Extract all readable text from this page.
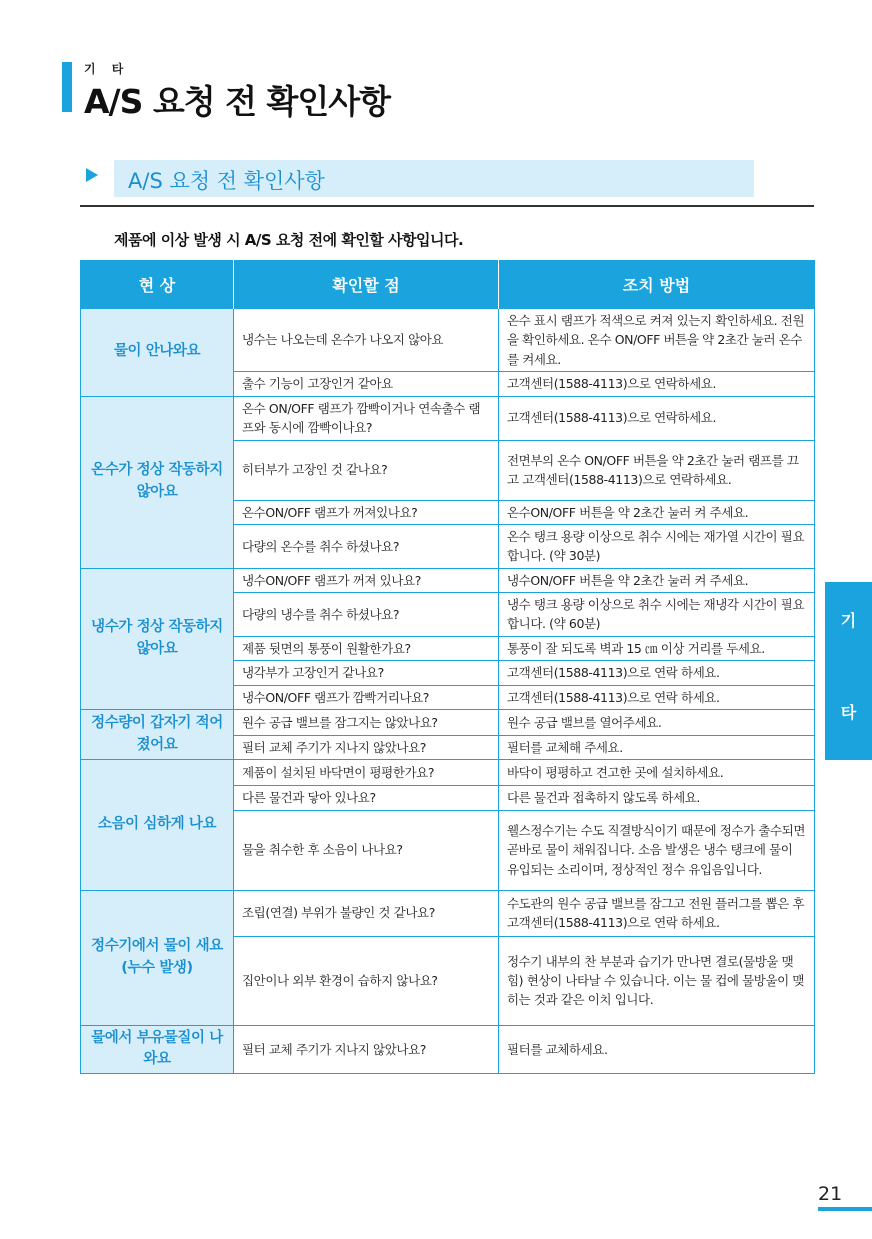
기 타
A/S 요청 전 확인사항
A/S 요청 전 확인사항
제품에 이상 발생 시 A/S 요청 전에 확인할 사항입니다.
현 상	확인할 점	조치 방법
물이 안나와요	냉수는 나오는데 온수가 나오지 않아요	온수 표시 램프가 적색으로 켜져 있는지 확인하세요. 전원을 확인하세요. 온수 ON/OFF 버튼을 약 2초간 눌러 온수를 켜세요.
	출수 기능이 고장인거 같아요	고객센터(1588-4113)으로 연락하세요.
온수가 정상 작동하지 않아요	온수 ON/OFF 램프가 깜빡이거나 연속출수 램프와 동시에 깜빡이나요?	고객센터(1588-4113)으로 연락하세요.
	히터부가 고장인 것 같나요?	전면부의 온수 ON/OFF 버튼을 약 2초간 눌러 램프를 끄고 고객센터(1588-4113)으로 연락하세요.
	온수ON/OFF 램프가 꺼져있나요?	온수ON/OFF 버튼을 약 2초간 눌러 켜 주세요.
	다량의 온수를 취수 하셨나요?	온수 탱크 용량 이상으로 취수 시에는 재가열 시간이 필요합니다. (약 30분)
냉수가 정상 작동하지 않아요	냉수ON/OFF 램프가 꺼져 있나요?	냉수ON/OFF 버튼을 약 2초간 눌러 켜 주세요.
	다량의 냉수를 취수 하셨나요?	냉수 탱크 용량 이상으로 취수 시에는 재냉각 시간이 필요합니다. (약 60분)
	제품 뒷면의 통풍이 원활한가요?	통풍이 잘 되도록 벽과 15 ㎝ 이상 거리를 두세요.
	냉각부가 고장인거 같나요?	고객센터(1588-4113)으로 연락 하세요.
	냉수ON/OFF 램프가 깜빡거리나요?	고객센터(1588-4113)으로 연락 하세요.
정수량이 갑자기 적어졌어요	원수 공급 밸브를 잠그지는 않았나요?	원수 공급 밸브를 열어주세요.
	필터 교체 주기가 지나지 않았나요?	필터를 교체해 주세요.
소음이 심하게 나요	제품이 설치된 바닥면이 평평한가요?	바닥이 평평하고 견고한 곳에 설치하세요.
	다른 물건과 닿아 있나요?	다른 물건과 접촉하지 않도록 하세요.
	물을 취수한 후 소음이 나나요?	웰스정수기는 수도 직결방식이기 때문에 정수가 출수되면 곧바로 물이 채워집니다. 소음 발생은 냉수 탱크에 물이 유입되는 소리이며, 정상적인 정수 유입음입니다.
정수기에서 물이 새요 (누수 발생)	조립(연결) 부위가 불량인 것 같나요?	수도관의 원수 공급 밸브를 잠그고 전원 플러그를 뽑은 후 고객센터(1588-4113)으로 연락 하세요.
	집안이나 외부 환경이 습하지 않나요?	정수기 내부의 찬 부분과 습기가 만나면 결로(물방울 맺힘) 현상이 나타날 수 있습니다. 이는 물 컵에 물방울이 맺히는 것과 같은 이치 입니다.
물에서 부유물질이 나와요	필터 교체 주기가 지나지 않았나요?	필터를 교체하세요.
기
타
21
